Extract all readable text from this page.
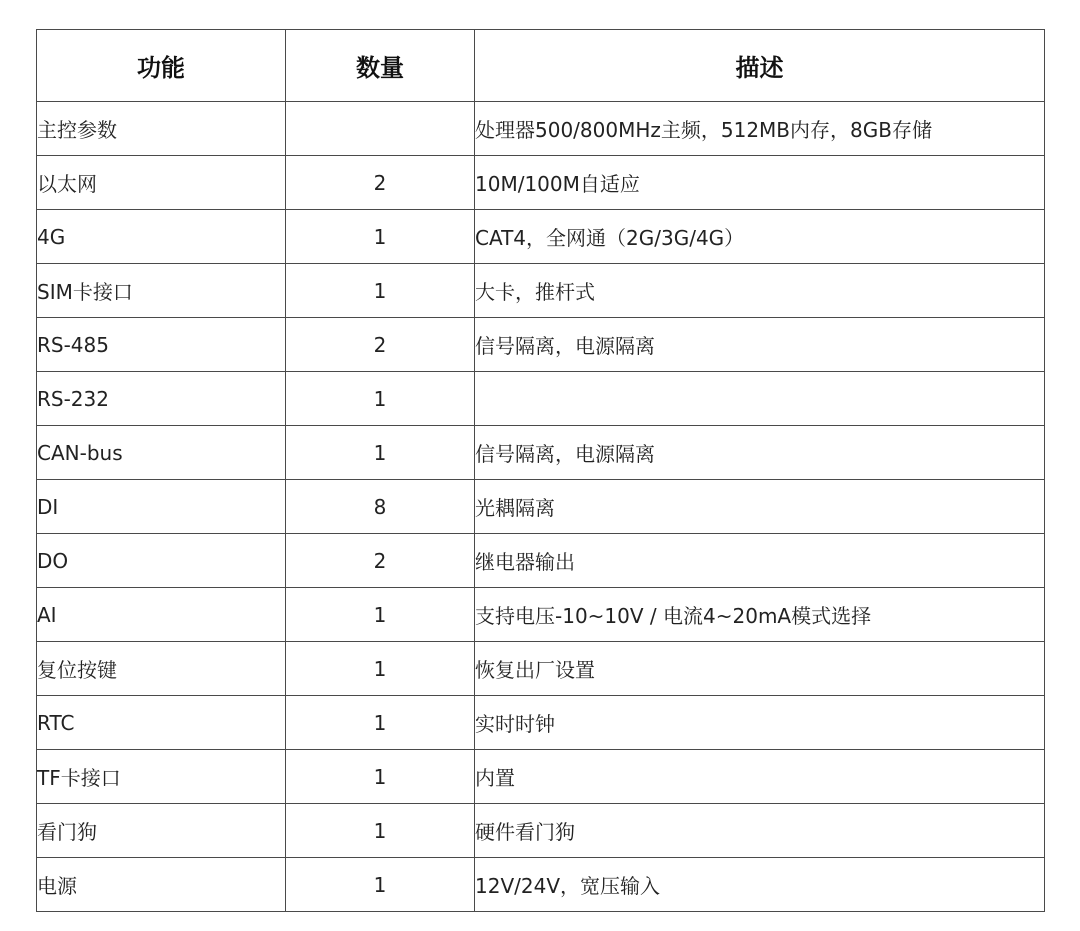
功能	数量	描述
主控参数		处理器500/800MHz主频，512MB内存，8GB存储
以太网	2	10M/100M自适应
4G	1	CAT4，全网通（2G/3G/4G）
SIM卡接口	1	大卡，推杆式
RS-485	2	信号隔离，电源隔离
RS-232	1	
CAN-bus	1	信号隔离，电源隔离
DI	8	光耦隔离
DO	2	继电器输出
AI	1	支持电压-10~10V / 电流4~20mA模式选择
复位按键	1	恢复出厂设置
RTC	1	实时时钟
TF卡接口	1	内置
看门狗	1	硬件看门狗
电源	1	12V/24V，宽压输入
